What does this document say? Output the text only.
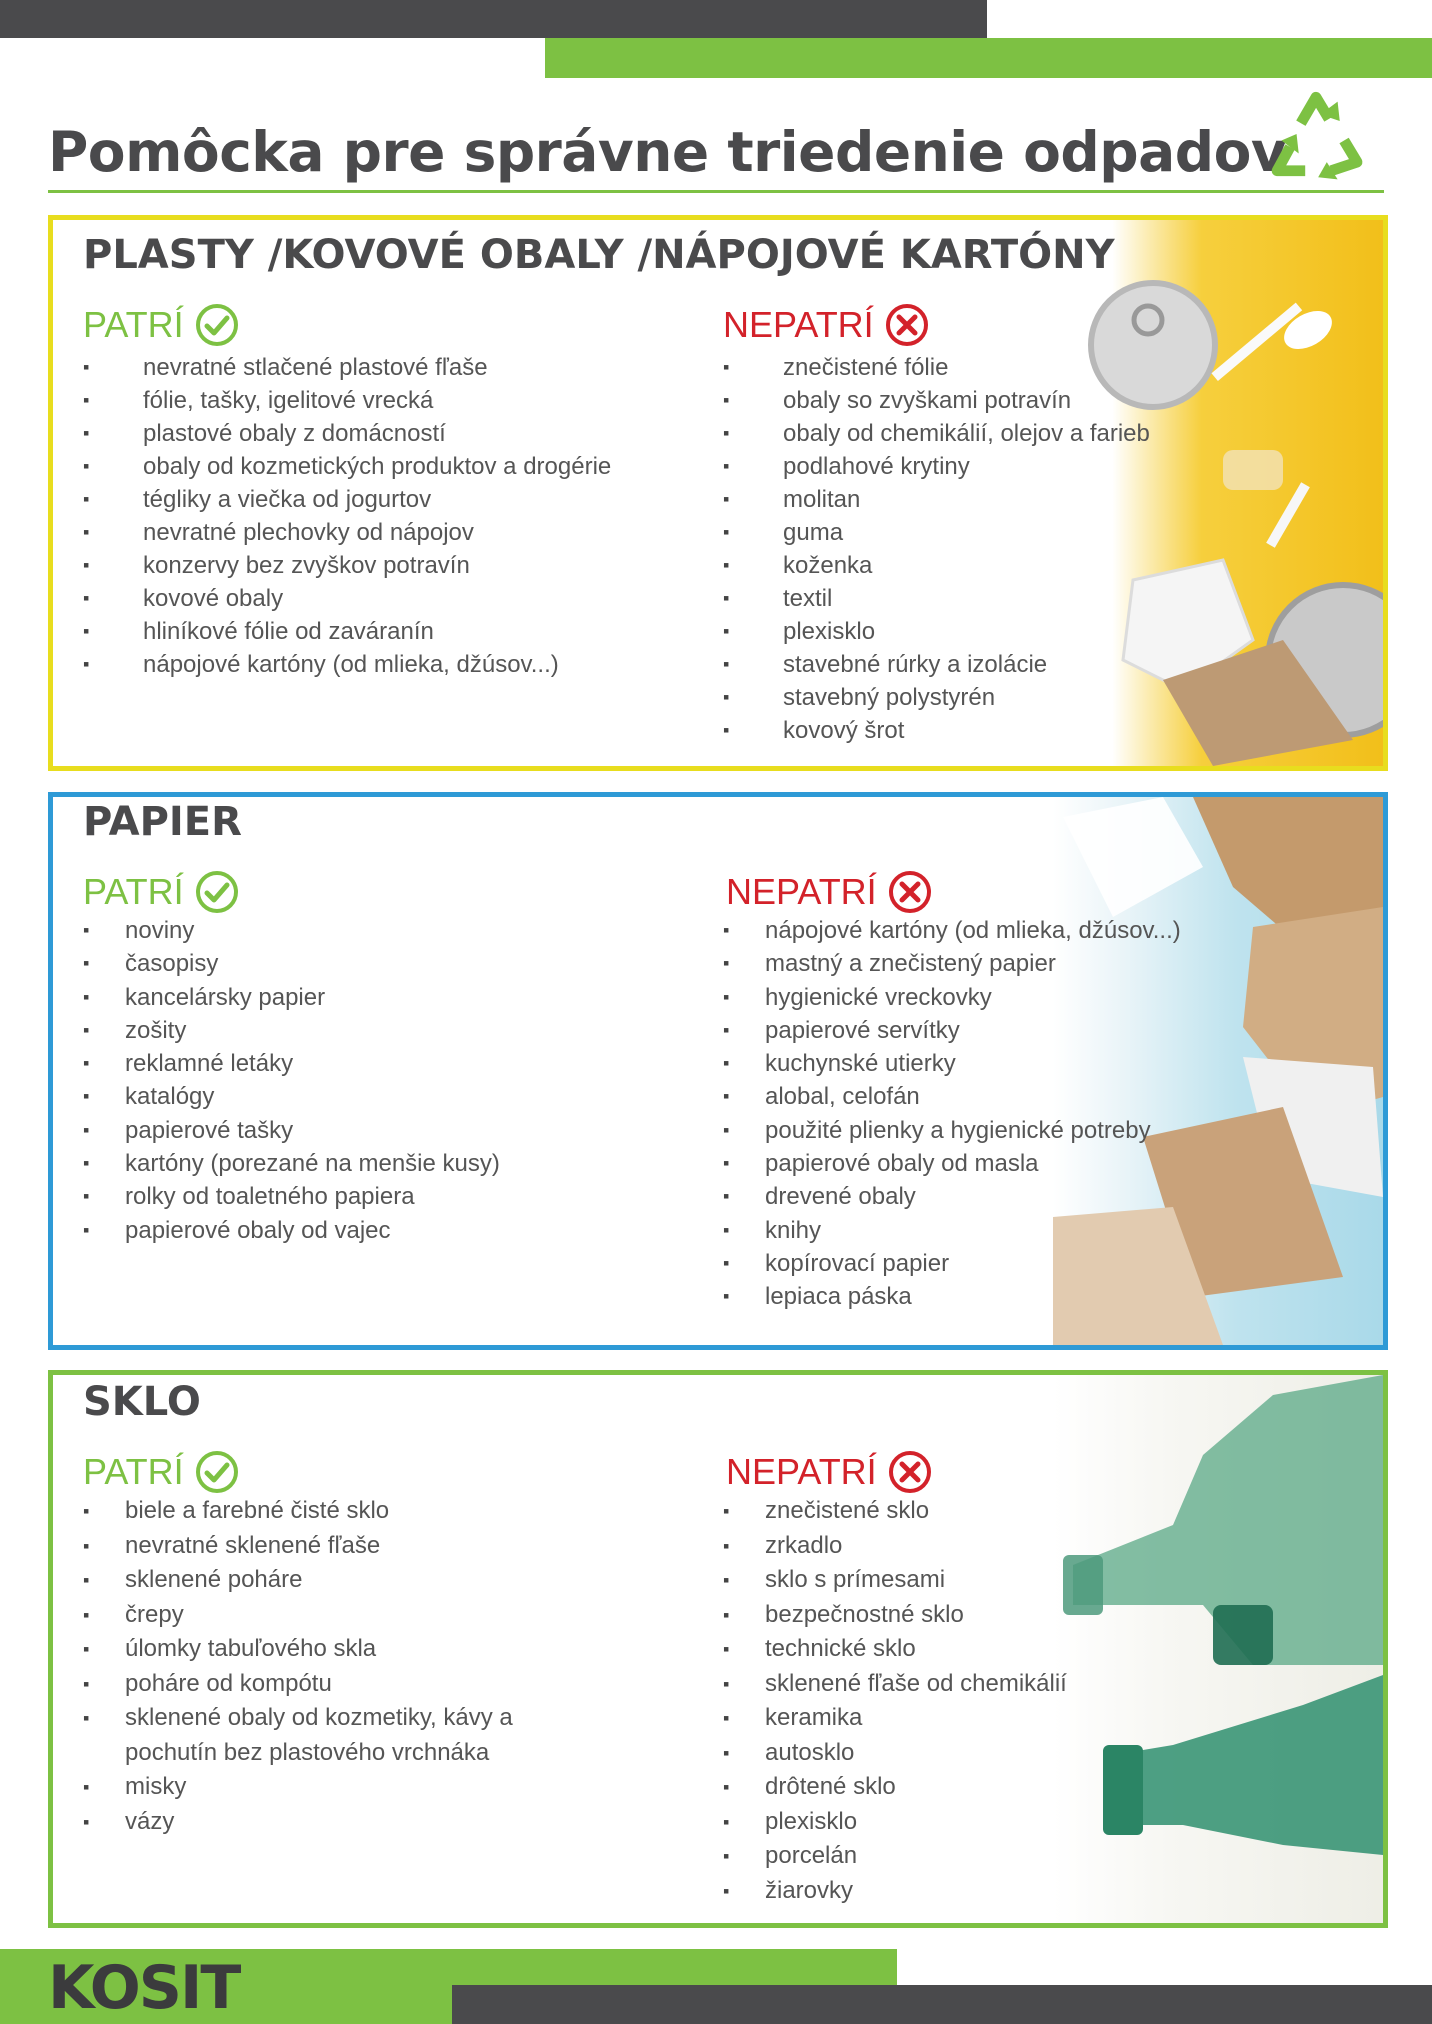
Pomôcka pre správne triedenie odpadov
PLASTY /KOVOVÉ OBALY /NÁPOJOVÉ KARTÓNY
PATRÍ
▪ nevratné stlačené plastové fľaše
▪ fólie, tašky, igelitové vrecká
▪ plastové obaly z domácností
▪ obaly od kozmetických produktov a drogérie
▪ tégliky a viečka od jogurtov
▪ nevratné plechovky od nápojov
▪ konzervy bez zvyškov potravín
▪ kovové obaly
▪ hliníkové fólie od zaváranín
▪ nápojové kartóny (od mlieka, džúsov...)
NEPATRÍ
▪ znečistené fólie
▪ obaly so zvyškami potravín
▪ obaly od chemikálií, olejov a farieb
▪ podlahové krytiny
▪ molitan
▪ guma
▪ koženka
▪ textil
▪ plexisklo
▪ stavebné rúrky a izolácie
▪ stavebný polystyrén
▪ kovový šrot
PAPIER
PATRÍ
▪ noviny
▪ časopisy
▪ kancelársky papier
▪ zošity
▪ reklamné letáky
▪ katalógy
▪ papierové tašky
▪ kartóny (porezané na menšie kusy)
▪ rolky od toaletného papiera
▪ papierové obaly od vajec
NEPATRÍ
▪ nápojové kartóny (od mlieka, džúsov...)
▪ mastný a znečistený papier
▪ hygienické vreckovky
▪ papierové servítky
▪ kuchynské utierky
▪ alobal, celofán
▪ použité plienky a hygienické potreby
▪ papierové obaly od masla
▪ drevené obaly
▪ knihy
▪ kopírovací papier
▪ lepiaca páska
SKLO
PATRÍ
▪ biele a farebné čisté sklo
▪ nevratné sklenené fľaše
▪ sklenené poháre
▪ črepy
▪ úlomky tabuľového skla
▪ poháre od kompótu
▪ sklenené obaly od kozmetiky, kávy a
pochutín bez plastového vrchnáka
▪ misky
▪ vázy
NEPATRÍ
▪ znečistené sklo
▪ zrkadlo
▪ sklo s prímesami
▪ bezpečnostné sklo
▪ technické sklo
▪ sklenené fľaše od chemikálií
▪ keramika
▪ autosklo
▪ drôtené sklo
▪ plexisklo
▪ porcelán
▪ žiarovky
KOSIT
